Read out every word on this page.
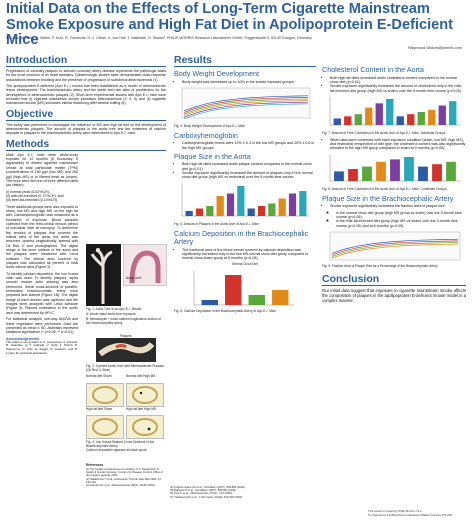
Initial Data on the Effects of Long-Term Cigarette Mainstream Smoke Exposure and High Fat Diet in Apolipoprotein E-Deficient Mice
R. Lietz, W. Stinn, H. Weiler, P. Kuhl, R. Friedrichs, H.-J. Urban, K. von Holt, T. Wallerath, R. Stokes², PHILIP MORRIS Research Laboratories GmbH, Fuggerstraße 3, 51149 Cologne, Germany
Raymond.Stokes@pmintl.com
Introduction

Progression of coronary plaques to stenotic coronary artery disease represents the pathologic basis for the most common of all heart diseases. Epidemiologic studies have demonstrated dose-response associations between smoking and the presence or progression of subclinical atherosclerosis (1).

The apolipoprotein E-deficient (Apo E-/-) mouse has been established as a model of atherosclerotic lesion development. The brachiocephalic artery and the aortic arch are sites of predilection for the development of atherosclerotic plaques (2). Short-term experimental studies with Apo E-/- mice have revealed that (i) cigarette sidestream smoke increases atherosclerosis (3, 4, 5) and (ii) cigarette mainstream smoke (MS) increases intimal thickening after arterial cuffing (6).

Objective

This study was performed to investigate the influence of MS and high fat diet on the development of atherosclerotic plaques. The amount of plaques in the aortic tree and the existence of calcium deposits in plaques in the brachiocephalic artery were determined in Apo E-/- mice.

Methods

Male Apo E-/- mice were whole-body exposed for 12 months (6 hours/day, 5 days/week) to diluted cigarette mainstream smoke at total particulate matter (TPM) concentrations of 160 µg/l (low MS) and 250 µg/l (high MS) or to filtered fresh air (sham). The mice were fed one of three different diets (ad libitum):

(i) normal chow (0.02%CH),

(ii) milk-fat-enriched (0.17%CH), and

(iii) beef-fat-enriched (0.14%CH).

Three additional groups were also exposed to sham, low MS and high MS on the high fat diet. Carboxyhemoglobin was measured as a biomarker of exposure. Blood samples collected from the retro-orbital venous plexus of individual mice at necropsy. To determine the amount of plaques that covered the intimal area of the aorta, the aorta was removed, opened longitudinally, stained with Oil Red O and photographed. The digital image of the inner surface of the aorta and the plaques were measured with Leica software. The intimal area covered by plaques was calculated as percent of total aortic intimal area (Figure 2).

To identify calcium deposition, the von Kossa stain was used. To identify plaques, alpha smooth muscle actin staining was also performed. Serial cross-sections of paraffin-embedded brachiocephalic artery were prepared and stained (Figure 1B). The digital image of each section was captured and the images were analyzed with Leica software (Figure 3). Plasma cholesterol in the aortic arch was determined by HPLC.

For statistical analysis, one-way ANOVA and linear regression were performed. Data are presented as mean ± SD. Asterisks represent statistical significance (* p<0.05; ** p<0.01).

Acknowledgements

The authors are grateful to S. Apostolova, A. Daniels, R. Gaschke, H.-T. Galinski, V. Guhl, T. Nitsch, R. Samsonov, G. Otte, E. Sagett, N. Liebisch, and M. Lynker for technical assistance.

Aortic Arch
Fig. 1: Aorta Tree of an Apo E-/- Mouse
A: whole intact aortic tree exposure
B: hematoxylin + eosin-stained longitudinal section of the brachiocephalic artery
Plaques
Fig. 2: Opened Aortic Arch with Atherosclerotic Plaques (Oil Red O Stain)
Normal diet Sham	Normal diet High MS
High fat diet Sham	High fat diet High MS
Fig. 3: Von Kossa-Stained Cross-Sections of the Brachiocephalic Artery
Calcium deposition appears as black spots.
References
(1) The health consequences of smoking. U.S. Department of Health & Human Services. Centers for Disease Control, Office of the surgeon general, 2004
(2) Nakashima Y. et al., Arterioscler Thromb Vasc Biol 1994; 14: 133-140
(3) Gairola CG et al., Atherosclerosis 156(1): 49-55 (2001)
(4) Knight-Lozano CA et al., Circulation 105(7): 849-854 (2002)
(5) Babaniyi R et al., Circulation 105(7): 849-854 (2002)
(6) Tani S. et al., Atherosclerosis 175(1): 7-14 (2004)
(7) Yanbaeva DG et al., J Clin Invest. 113(3): 613-618 (2004)
Results
Body Weight Development
• Body weight was decreased up to 10% in the smoke-exposed groups.
Fig. 4: Body Weight Development of Apo E-/- Mice
Carboxyhemoglobin
• Carboxyhemoglobin levels were 10% ± 0.3 in the low MS groups and 20% ± 0.6 in the high MS groups.
Plaque Size in the Aorta
• Both high fat diets increased aortic plaque content compared to the normal chow diet (p<0.01).
• Smoke exposure significantly increased the amount of plaques only in the normal chow diet group (high MS vs restricted) over the 9-month time course.
Fig. 5: Amount of Plaques in the Aortic Arch of Apo E-/- Mice
Calcium Deposition in the Brachiocephalic Artery
• The fractional area of the blood vessel covered by calcium deposition was significantly increased only in the low MS normal chow diet group compared to normal chow sham group at 6 months (p<0.05).
Normal Chow Diet
Fig. 6: Calcium Deposition in the Brachiocephalic Artery of Apo E-/- Mice
Cholesterol Content in the Aorta
• Both high fat diets increased aortic cholesterol content compared to the normal chow diet (p<0.01).
• Smoke exposure significantly increased the amount of cholesterol only in the milk-fat-enriched diet group (high MS vs sham) over the 9-month time course (p<0.05).
Fig. 7: Amount of Free Cholesterol in the Aortic Arch of Apo E-/- Mice, Individual Groups
• When data were combined with each exposure condition (sham, low MS, high MS), and restricted) irrespective of diet type, the cholesterol content was also significantly elevated in the high MS group compared to sham at 9 months (p<0.05).
Fig. 8: Amount of Free Cholesterol in the Aortic Arch of Apo E-/- Mice, Combined Groups
Plaque Size in the Brachiocephalic Artery
• Smoke exposure significantly increased the fraction area of plaque size
◦ in the normal chow diet group (high MS group vs sham) over the 9-month time course (p<0.05);
◦ in the milk-fat-enriched diet group (high MS vs sham) over the 9-month time course (p<0.05) and at 6 months (p<0.05).
Fig. 9: Fraction Area of Plaque Size as a Percentage of the Brachiocephalic Artery
Conclusion

Our initial data suggest that exposure to cigarette mainstream smoke affects the composition of plaques in the apolipoprotein E-deficient mouse model in a complex manner.

This poster is hosted by Philip Morris U.S.A.
The Data Access & PubMed Dotcom Mainstream Affiliation Summary DTS 2006
